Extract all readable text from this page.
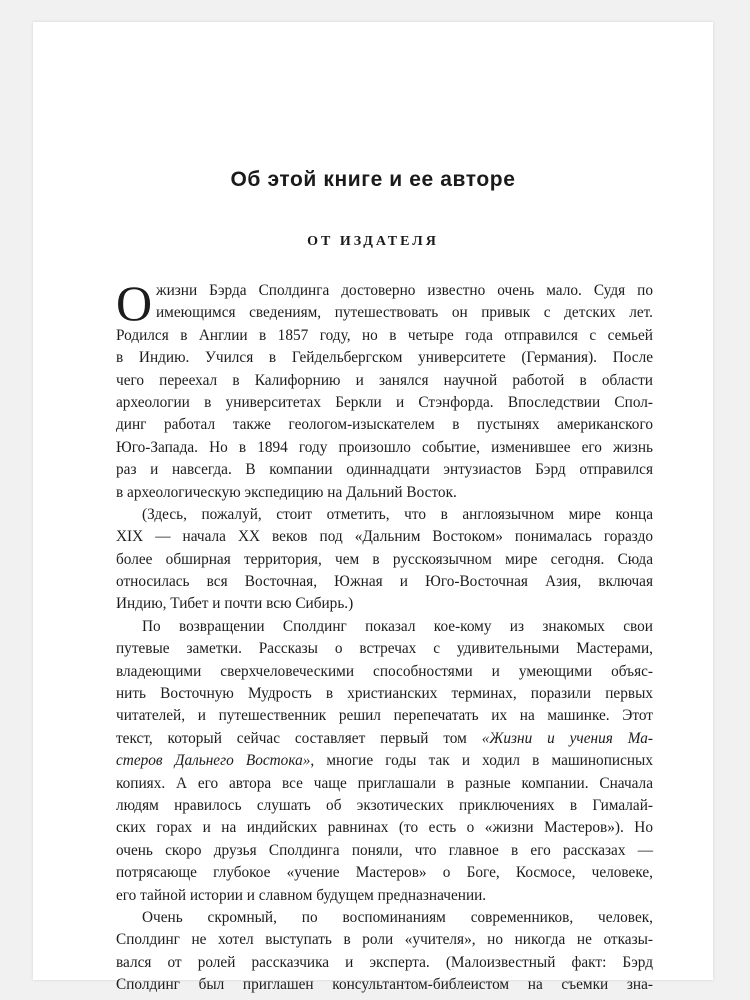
Об этой книге и ее авторе
ОТ ИЗДАТЕЛЯ
О жизни Бэрда Сполдинга достоверно известно очень мало. Судя по
имеющимся сведениям, путешествовать он привык с детских лет.
Родился в Англии в 1857 году, но в четыре года отправился с семьей
в Индию. Учился в Гейдельбергском университете (Германия). После
чего переехал в Калифорнию и занялся научной работой в области
археологии в университетах Беркли и Стэнфорда. Впоследствии Спол-
динг работал также геологом-изыскателем в пустынях американского
Юго-Запада. Но в 1894 году произошло событие, изменившее его жизнь
раз и навсегда. В компании одиннадцати энтузиастов Бэрд отправился
в археологическую экспедицию на Дальний Восток.
(Здесь, пожалуй, стоит отметить, что в англоязычном мире конца
XIX — начала XX веков под «Дальним Востоком» понималась гораздо
более обширная территория, чем в русскоязычном мире сегодня. Сюда
относилась вся Восточная, Южная и Юго-Восточная Азия, включая
Индию, Тибет и почти всю Сибирь.)
По возвращении Сполдинг показал кое-кому из знакомых свои
путевые заметки. Рассказы о встречах с удивительными Мастерами,
владеющими сверхчеловеческими способностями и умеющими объяс-
нить Восточную Мудрость в христианских терминах, поразили первых
читателей, и путешественник решил перепечатать их на машинке. Этот
текст, который сейчас составляет первый том «Жизни и учения Ма-
стеров Дальнего Востока», многие годы так и ходил в машинописных
копиях. А его автора все чаще приглашали в разные компании. Сначала
людям нравилось слушать об экзотических приключениях в Гималай-
ских горах и на индийских равнинах (то есть о «жизни Мастеров»). Но
очень скоро друзья Сполдинга поняли, что главное в его рассказах —
потрясающе глубокое «учение Мастеров» о Боге, Космосе, человеке,
его тайной истории и славном будущем предназначении.
Очень скромный, по воспоминаниям современников, человек,
Сполдинг не хотел выступать в роли «учителя», но никогда не отказы-
вался от ролей рассказчика и эксперта. (Малоизвестный факт: Бэрд
Сполдинг был приглашен консультантом-библеистом на съемки зна-
